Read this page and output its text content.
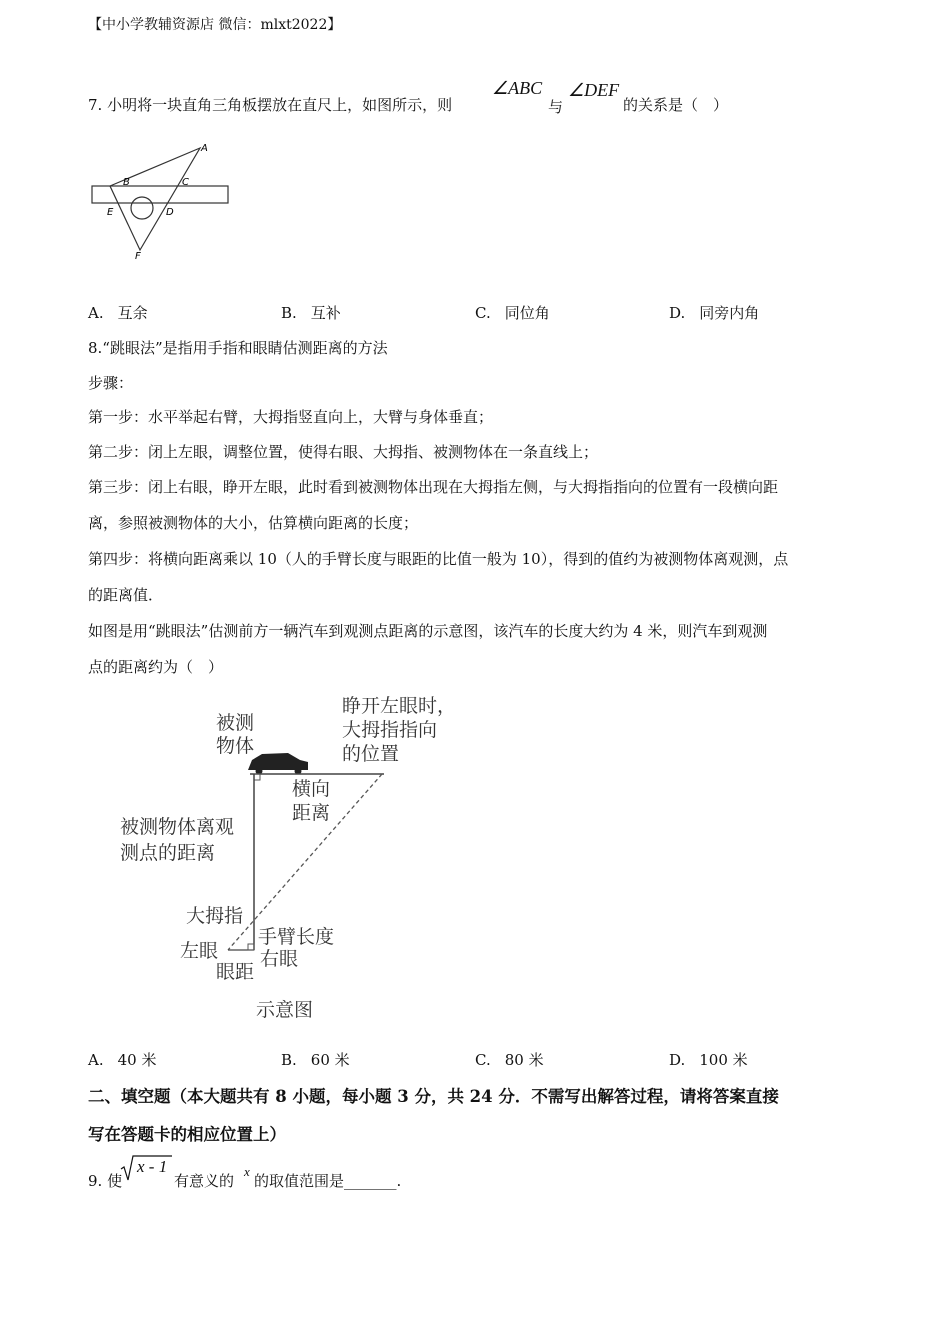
【中小学教辅资源店 微信：mlxt2022】
7. 小明将一块直角三角板摆放在直尺上，如图所示，则
∠ABC
与
∠DEF
的关系是（　）
A
B	C
E	D
F
A. 互余	B. 互补	C. 同位角	D. 同旁内角
8.“跳眼法”是指用手指和眼睛估测距离的方法
步骤：
第一步：水平举起右臂，大拇指竖直向上，大臂与身体垂直；
第二步：闭上左眼，调整位置，使得右眼、大拇指、被测物体在一条直线上；
第三步：闭上右眼，睁开左眼，此时看到被测物体出现在大拇指左侧，与大拇指指向的位置有一段横向距
离，参照被测物体的大小，估算横向距离的长度；
第四步：将横向距离乘以 10（人的手臂长度与眼距的比值一般为 10），得到的值约为被测物体离观测，点
的距离值．
如图是用“跳眼法”估测前方一辆汽车到观测点距离的示意图，该汽车的长度大约为 4 米，则汽车到观测
点的距离约为（　）
被测
物体
睁开左眼时，
大拇指指向
的位置
横向
距离
被测物体离观
测点的距离
大拇指
手臂长度
左眼 右眼
眼距
示意图
A. 40 米	B. 60 米	C. 80 米	D. 100 米
二、填空题（本大题共有 8 小题，每小题 3 分，共 24 分．不需写出解答过程，请将答案直接
写在答题卡的相应位置上）
9. 使
x - 1
有意义的
x
的取值范围是_______.
